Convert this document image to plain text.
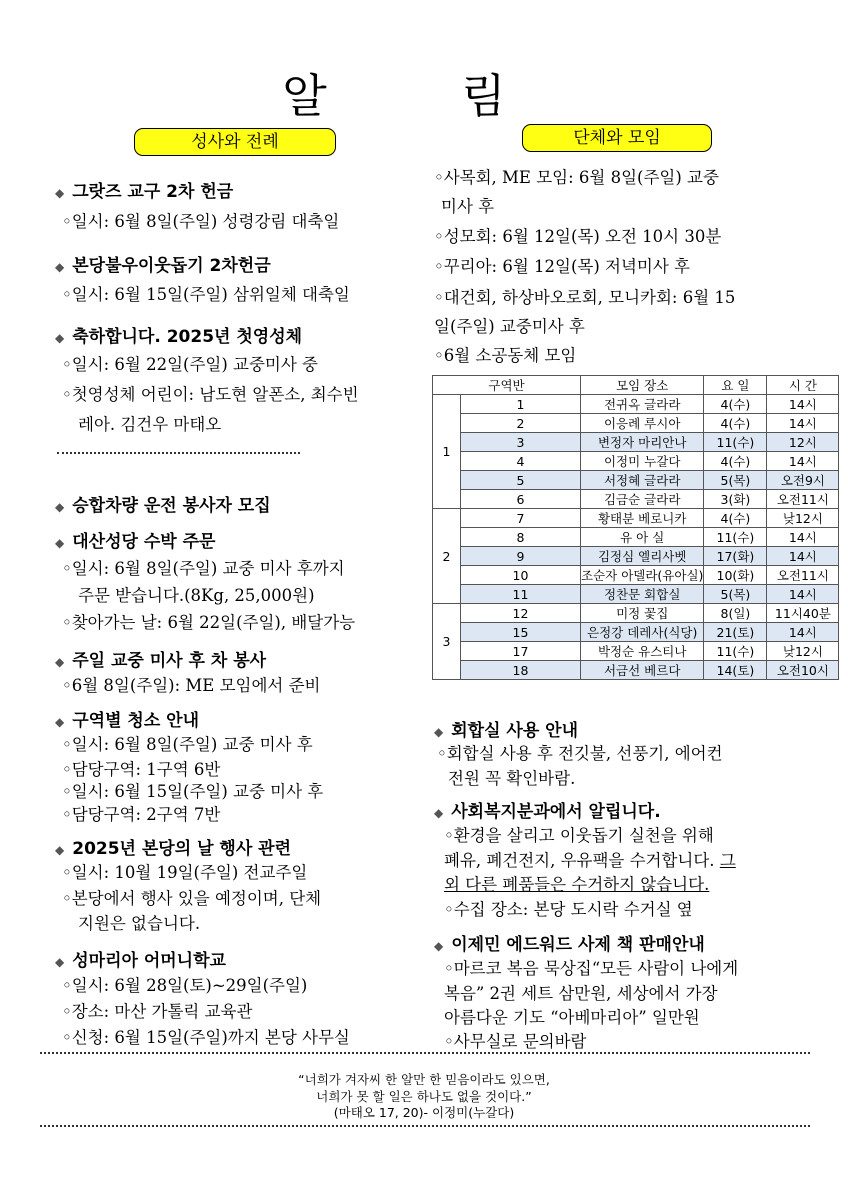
알 림
성사와 전례	단체와 모임
◆ 그랏즈 교구 2차 헌금
◦일시: 6월 8일(주일) 성령강림 대축일
◆ 본당불우이웃돕기 2차헌금
◦일시: 6월 15일(주일) 삼위일체 대축일
◆ 축하합니다. 2025년 첫영성체
◦일시: 6월 22일(주일) 교중미사 중
◦첫영성체 어린이: 남도현 알폰소, 최수빈
레아. 김건우 마태오
◆ 승합차량 운전 봉사자 모집
◆ 대산성당 수박 주문
◦일시: 6월 8일(주일) 교중 미사 후까지
주문 받습니다.(8Kg, 25,000원)
◦찾아가는 날: 6월 22일(주일), 배달가능
◆ 주일 교중 미사 후 차 봉사
◦6월 8일(주일): ME 모임에서 준비
◆ 구역별 청소 안내
◦일시: 6월 8일(주일) 교중 미사 후
◦담당구역: 1구역 6반
◦일시: 6월 15일(주일) 교중 미사 후
◦담당구역: 2구역 7반
◆ 2025년 본당의 날 행사 관련
◦일시: 10월 19일(주일) 전교주일
◦본당에서 행사 있을 예정이며, 단체
지원은 없습니다.
◆ 성마리아 어머니학교
◦일시: 6월 28일(토)~29일(주일)
◦장소: 마산 가톨릭 교육관
◦신청: 6월 15일(주일)까지 본당 사무실
◦사목회, ME 모임: 6월 8일(주일) 교중
미사 후
◦성모회: 6월 12일(목) 오전 10시 30분
◦꾸리아: 6월 12일(목) 저녁미사 후
◦대건회, 하상바오로회, 모니카회: 6월 15
일(주일) 교중미사 후
◦6월 소공동체 모임
구역반		모임 장소	요 일	시 간
1	1	전귀옥 글라라	4(수)	14시
	2	이응례 루시아	4(수)	14시
	3	변정자 마리안나	11(수)	12시
	4	이정미 누갈다	4(수)	14시
	5	서정혜 글라라	5(목)	오전9시
	6	김금순 글라라	3(화)	오전11시
2	7	황태분 베로니카	4(수)	낮12시
	8	유 아 실	11(수)	14시
	9	김정심 엘리사벳	17(화)	14시
	10	조순자 아델라(유아실)	10(화)	오전11시
	11	정찬문 회합실	5(목)	14시
3	12	미정 꽃집	8(일)	11시40분
	15	은정강 데레사(식당)	21(토)	14시
	17	박정순 유스티나	11(수)	낮12시
	18	서금선 베르다	14(토)	오전10시
◆ 회합실 사용 안내
◦회합실 사용 후 전깃불, 선풍기, 에어컨
전원 꼭 확인바람.
◆ 사회복지분과에서 알립니다.
◦환경을 살리고 이웃돕기 실천을 위해
폐유, 폐건전지, 우유팩을 수거합니다. 그
외 다른 폐품들은 수거하지 않습니다.
◦수집 장소: 본당 도시락 수거실 옆
◆ 이제민 에드워드 사제 책 판매안내
◦마르코 복음 묵상집“모든 사람이 나에게
복음” 2권 세트 삼만원, 세상에서 가장
아름다운 기도 “아베마리아” 일만원
◦사무실로 문의바람
“너희가 겨자씨 한 알만 한 믿음이라도 있으면,
너희가 못 할 일은 하나도 없을 것이다.”
(마태오 17, 20)- 이정미(누갈다)
